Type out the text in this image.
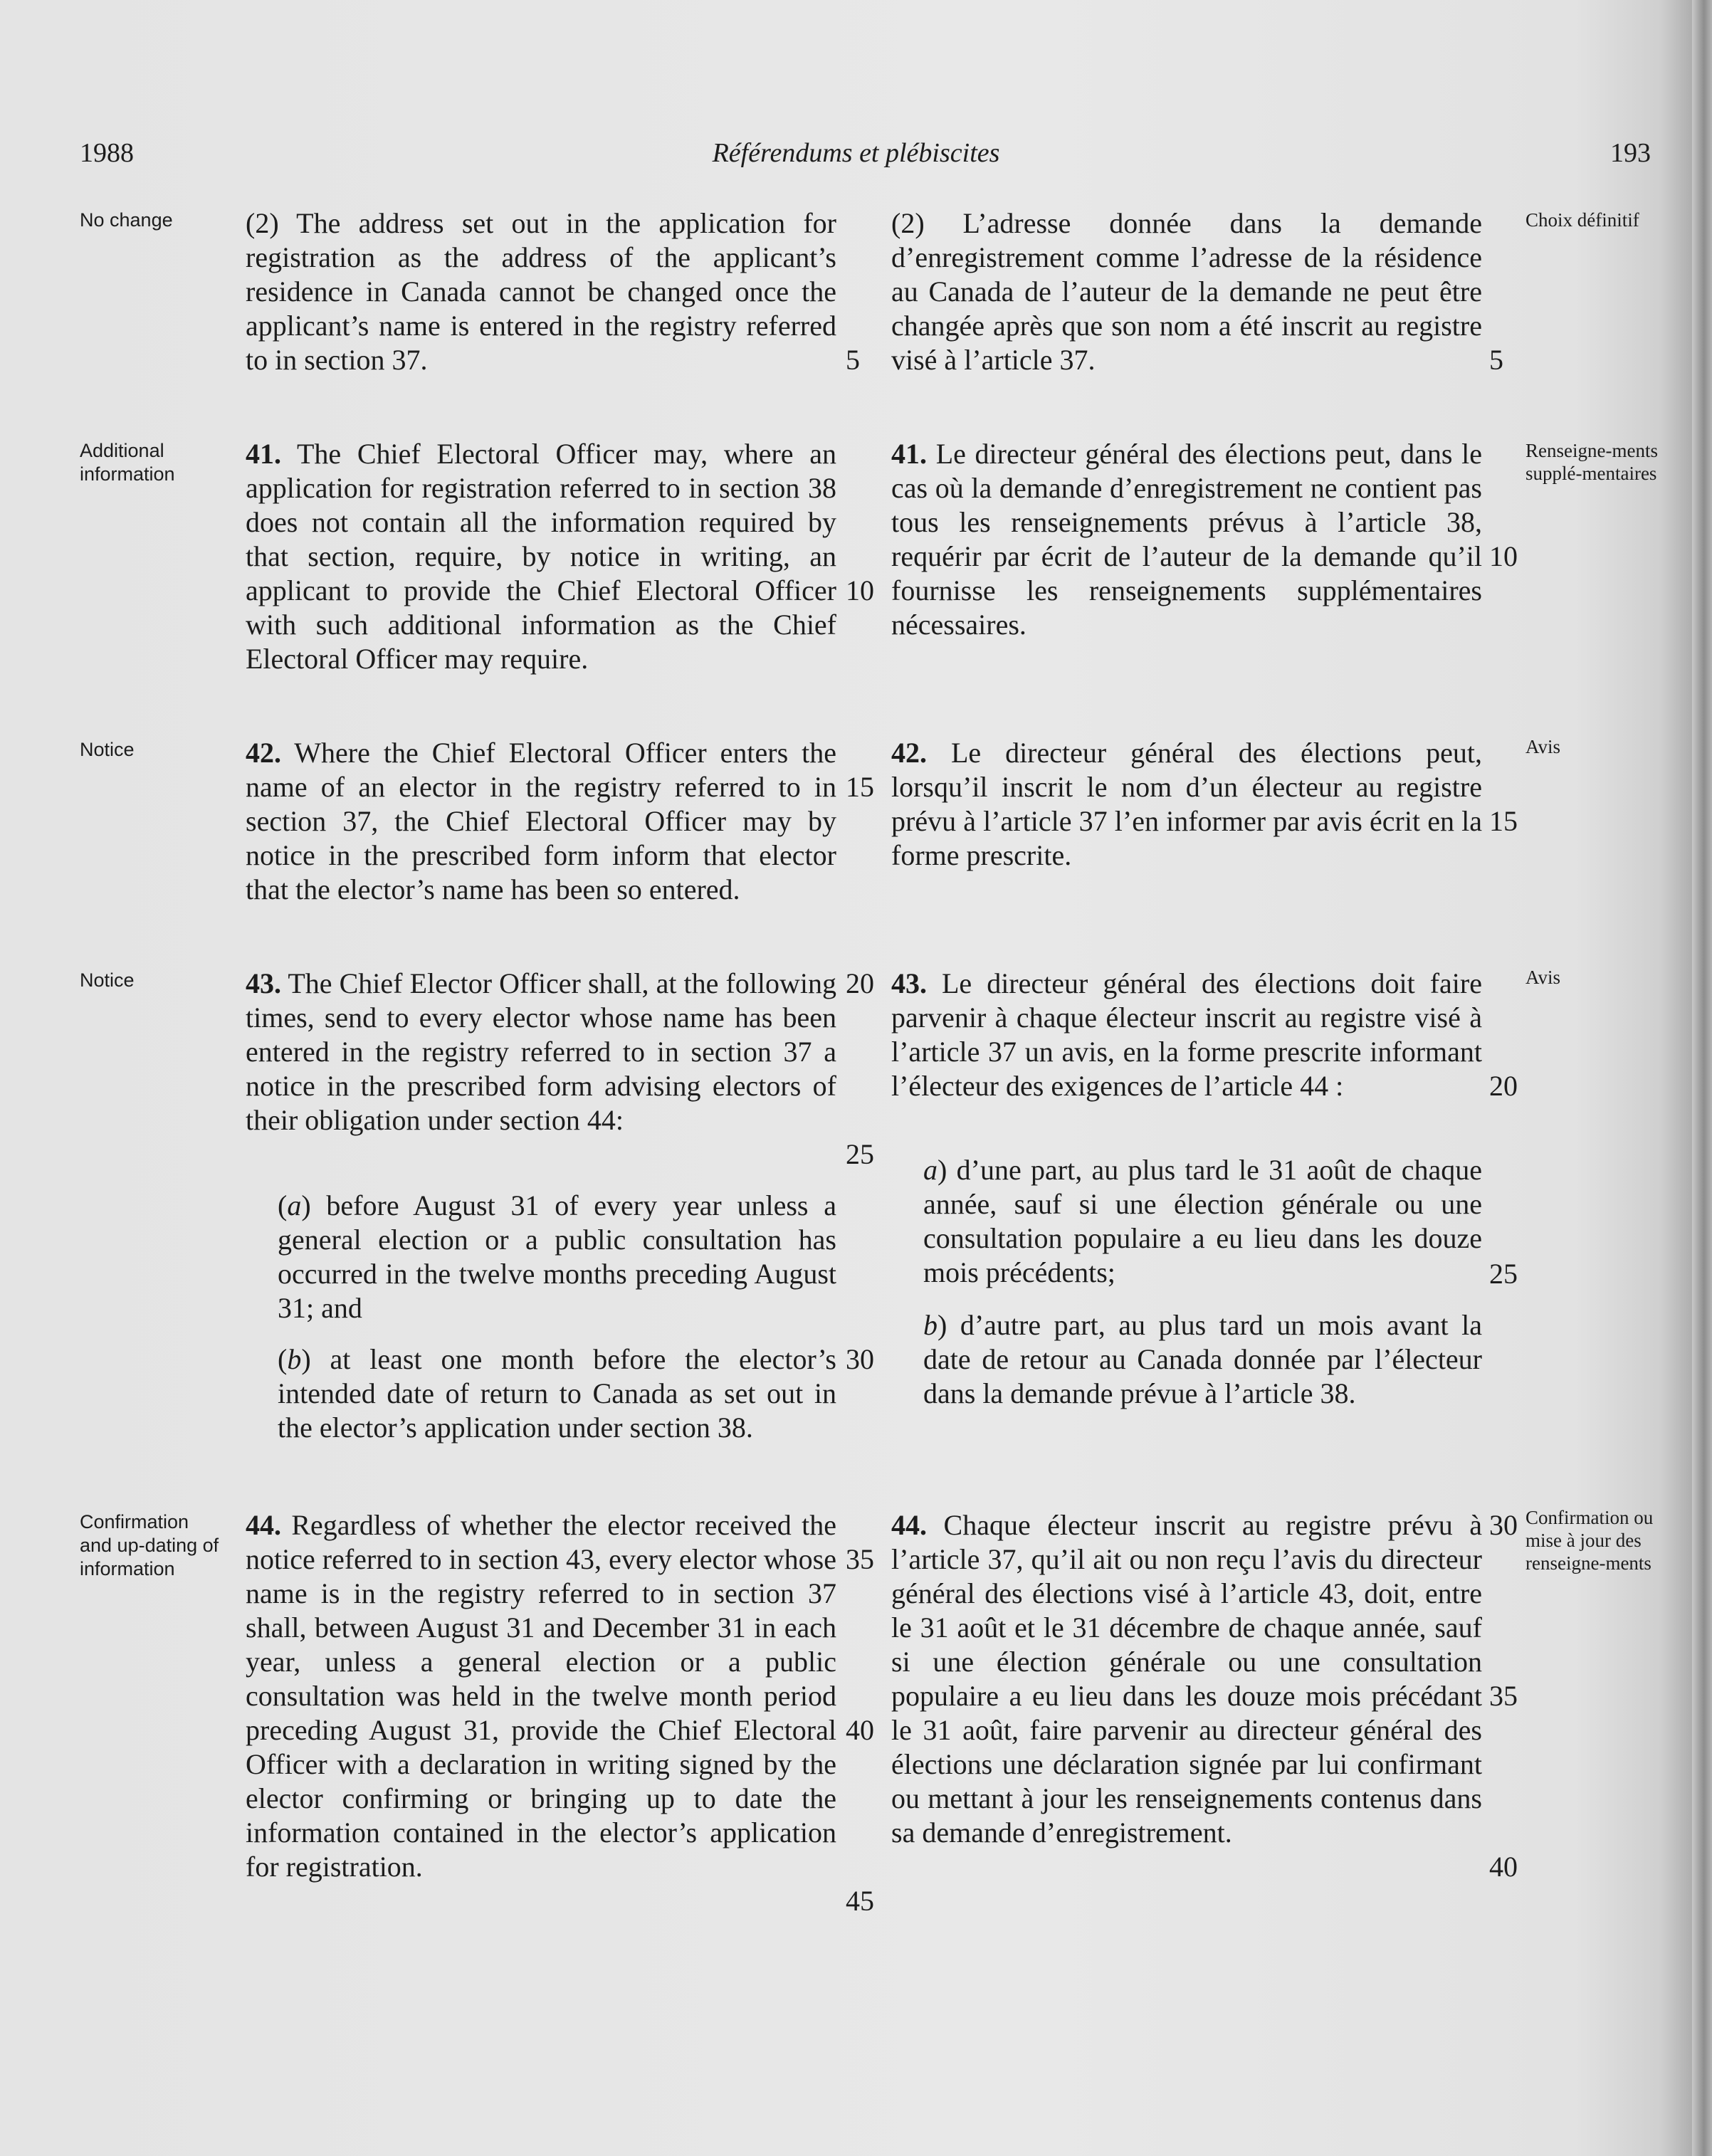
1988	Référendums et plébiscites	193
No change
Additional information
Notice
Notice
Confirmation and up-dating of information
Choix définitif
Renseigne-ments supplé-mentaires
Avis
Avis
Confirmation ou mise à jour des renseigne-ments

(2) The address set out in the application for registration as the address of the applicant’s residence in Canada cannot be changed once the applicant’s name is entered in the registry referred to in section 37.

41. The Chief Electoral Officer may, where an application for registration referred to in section 38 does not contain all the information required by that section, require, by notice in writing, an applicant to provide the Chief Electoral Officer with such additional information as the Chief Electoral Officer may require.

42. Where the Chief Electoral Officer enters the name of an elector in the registry referred to in section 37, the Chief Electoral Officer may by notice in the prescribed form inform that elector that the elector’s name has been so entered.

43. The Chief Elector Officer shall, at the following times, send to every elector whose name has been entered in the registry referred to in section 37 a notice in the prescribed form advising electors of their obligation under section 44:

(a) before August 31 of every year unless a general election or a public consultation has occurred in the twelve months preceding August 31; and

(b) at least one month before the elector’s intended date of return to Canada as set out in the elector’s application under section 38.

44. Regardless of whether the elector received the notice referred to in section 43, every elector whose name is in the registry referred to in section 37 shall, between August 31 and December 31 in each year, unless a general election or a public consultation was held in the twelve month period preceding August 31, provide the Chief Electoral Officer with a declaration in writing signed by the elector confirming or bringing up to date the information contained in the elector’s application for registration.

(2) L’adresse donnée dans la demande d’enregistrement comme l’adresse de la résidence au Canada de l’auteur de la demande ne peut être changée après que son nom a été inscrit au registre visé à l’article 37.

41. Le directeur général des élections peut, dans le cas où la demande d’enregistrement ne contient pas tous les renseignements prévus à l’article 38, requérir par écrit de l’auteur de la demande qu’il fournisse les renseignements supplémentaires nécessaires.

42. Le directeur général des élections peut, lorsqu’il inscrit le nom d’un électeur au registre prévu à l’article 37 l’en informer par avis écrit en la forme prescrite.

43. Le directeur général des élections doit faire parvenir à chaque électeur inscrit au registre visé à l’article 37 un avis, en la forme prescrite informant l’électeur des exigences de l’article 44 :

a) d’une part, au plus tard le 31 août de chaque année, sauf si une élection générale ou une consultation populaire a eu lieu dans les douze mois précédents;

b) d’autre part, au plus tard un mois avant la date de retour au Canada donnée par l’électeur dans la demande prévue à l’article 38.

44. Chaque électeur inscrit au registre prévu à l’article 37, qu’il ait ou non reçu l’avis du directeur général des élections visé à l’article 43, doit, entre le 31 août et le 31 décembre de chaque année, sauf si une élection générale ou une consultation populaire a eu lieu dans les douze mois précédant le 31 août, faire parvenir au directeur général des élections une déclaration signée par lui confirmant ou mettant à jour les renseignements contenus dans sa demande d’enregistrement.

5
10
15
20
25
30
35
40
45
5
10
15
20
25
30
35
40
